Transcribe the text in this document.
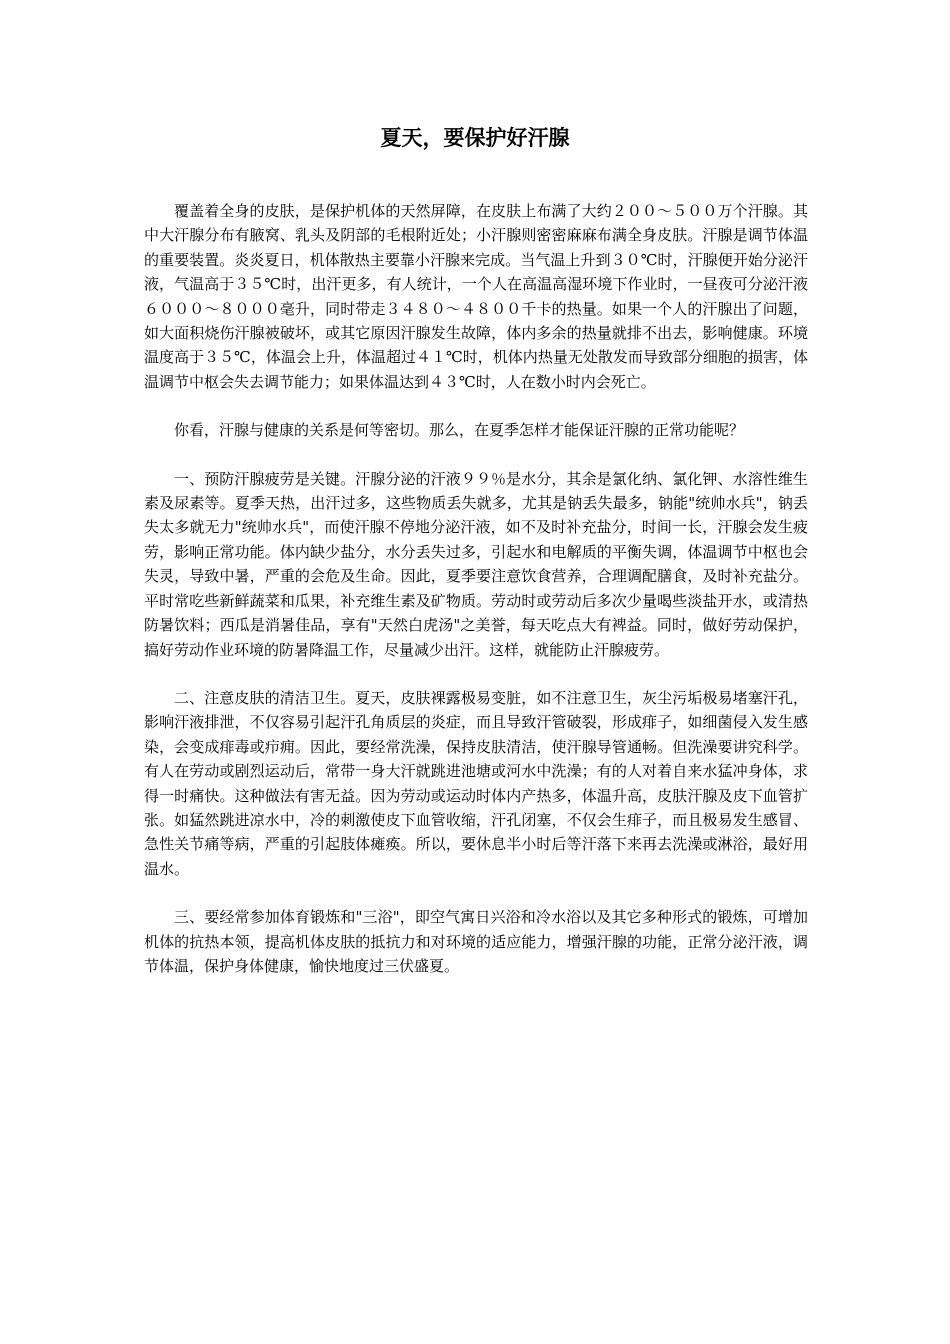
夏天，要保护好汗腺

覆盖着全身的皮肤，是保护机体的天然屏障，在皮肤上布满了大约２００～５００万个汗腺。其中大汗腺分布有腋窝、乳头及阴部的毛根附近处；小汗腺则密密麻麻布满全身皮肤。汗腺是调节体温的重要装置。炎炎夏日，机体散热主要靠小汗腺来完成。当气温上升到３０℃时，汗腺便开始分泌汗液，气温高于３５℃时，出汗更多，有人统计，一个人在高温高湿环境下作业时，一昼夜可分泌汗液６０００～８０００毫升，同时带走３４８０～４８００千卡的热量。如果一个人的汗腺出了问题，如大面积烧伤汗腺被破坏，或其它原因汗腺发生故障，体内多余的热量就排不出去，影响健康。环境温度高于３５℃，体温会上升，体温超过４１℃时，机体内热量无处散发而导致部分细胞的损害，体温调节中枢会失去调节能力；如果体温达到４３℃时，人在数小时内会死亡。

你看，汗腺与健康的关系是何等密切。那么，在夏季怎样才能保证汗腺的正常功能呢？

一、预防汗腺疲劳是关键。汗腺分泌的汗液９９％是水分，其余是氯化纳、氯化钾、水溶性维生素及尿素等。夏季天热，出汗过多，这些物质丢失就多，尤其是钠丢失最多，钠能"统帅水兵"，钠丢失太多就无力"统帅水兵"，而使汗腺不停地分泌汗液，如不及时补充盐分，时间一长，汗腺会发生疲劳，影响正常功能。体内缺少盐分，水分丢失过多，引起水和电解质的平衡失调，体温调节中枢也会失灵，导致中暑，严重的会危及生命。因此，夏季要注意饮食营养，合理调配膳食，及时补充盐分。平时常吃些新鲜蔬菜和瓜果，补充维生素及矿物质。劳动时或劳动后多次少量喝些淡盐开水，或清热防暑饮料；西瓜是消暑佳品，享有"天然白虎汤"之美誉，每天吃点大有裨益。同时，做好劳动保护，搞好劳动作业环境的防暑降温工作，尽量减少出汗。这样，就能防止汗腺疲劳。

二、注意皮肤的清洁卫生。夏天，皮肤裸露极易变脏，如不注意卫生，灰尘污垢极易堵塞汗孔，影响汗液排泄，不仅容易引起汗孔角质层的炎症，而且导致汗管破裂，形成痱子，如细菌侵入发生感染，会变成痱毒或疖痈。因此，要经常洗澡，保持皮肤清洁，使汗腺导管通畅。但洗澡要讲究科学。有人在劳动或剧烈运动后，常带一身大汗就跳进池塘或河水中洗澡；有的人对着自来水猛冲身体，求得一时痛快。这种做法有害无益。因为劳动或运动时体内产热多，体温升高，皮肤汗腺及皮下血管扩张。如猛然跳进凉水中，冷的刺激使皮下血管收缩，汗孔闭塞，不仅会生痱子，而且极易发生感冒、急性关节痛等病，严重的引起肢体瘫痪。所以，要休息半小时后等汗落下来再去洗澡或淋浴，最好用温水。

三、要经常参加体育锻炼和"三浴"，即空气寓日兴浴和冷水浴以及其它多种形式的锻炼，可增加机体的抗热本领，提高机体皮肤的抵抗力和对环境的适应能力，增强汗腺的功能，正常分泌汗液，调节体温，保护身体健康，愉快地度过三伏盛夏。
